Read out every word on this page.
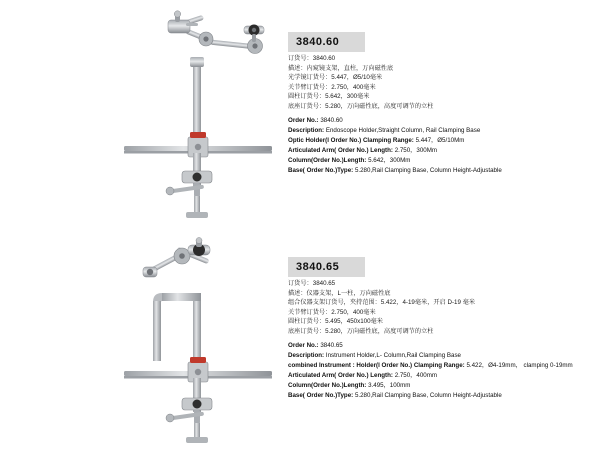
3840.60
订货号：3840.60
描述：内窥镜支架，直柱，万向磁性底
光学镜订货号：5.447，Ø5/10毫米
关节臂订货号：2.750，400毫米
圆柱订货号：5.642，300毫米
底座订货号：5.280，万向磁性底，高度可调节的立柱
Order No.: 3840.60
Description: Endoscope Holder,Straight Column, Rail Clamping Base
Optic Holder(l Order No.) Clamping Range: 5.447，Ø5/10Mm
Articulated Arm( Order No.) Length: 2.750，300Mm
Column(Order No.)Length: 5.642，300Mm
Base( Order No.)Type: 5.280,Rail Clamping Base, Column Height-Adjustable
3840.65
订货号：3840.65
描述：仪器支架，L一柱，万向磁性底
组合仪器支架订货号，夹持范围：5.422，4-19毫米，开启 D-19 毫米
关节臂订货号：2.750，400毫米
圆柱订货号：5.495，450x100毫米
底座订货号：5.280，万向磁性底，高度可调节的立柱
Order No.: 3840.65
Description: Instrument Holder,L- Column,Rail Clamping Base
combined Instrument : Holder(l Order No.) Clamping Range: 5.422，Ø4-19mm， clamping 0-19mm
Articulated Arm( Order No.) Length: 2.750，400mm
Column(Order No.)Length: 3.495，100mm
Base( Order No.)Type: 5.280,Rail Clamping Base, Column Height-Adjustable
